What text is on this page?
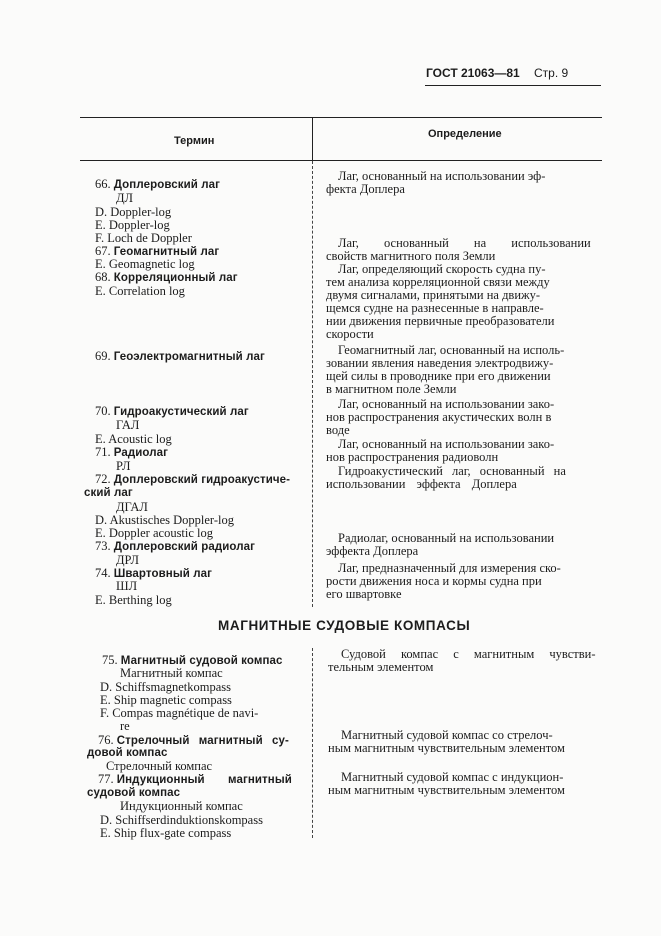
ГОСТ 21063—81 Стр. 9
Термин
Определение
66. Доплеровский лаг
ДЛ
D. Doppler-log
E. Doppler-log
F. Loch de Doppler
67. Геомагнитный лаг
E. Geomagnetic log
68. Корреляционный лаг
E. Correlation log
69. Геоэлектромагнитный лаг
70. Гидроакустический лаг
ГАЛ
E. Acoustic log
71. Радиолаг
РЛ
72. Доплеровский гидроакустиче-
ский лаг
ДГАЛ
D. Akustisches Doppler-log
E. Doppler acoustic log
73. Доплеровский радиолаг
ДРЛ
74. Швартовный лаг
ШЛ
E. Berthing log
Лаг, основанный на использовании эф-
фекта Доплера
Лаг, основанный на использовании
свойств магнитного поля Земли
Лаг, определяющий скорость судна пу-
тем анализа корреляционной связи между
двумя сигналами, принятыми на движу-
щемся судне на разнесенные в направле-
нии движения первичные преобразователи
скорости
Геомагнитный лаг, основанный на исполь-
зовании явления наведения электродвижу-
щей силы в проводнике при его движении
в магнитном поле Земли
Лаг, основанный на использовании зако-
нов распространения акустических волн в
воде
Лаг, основанный на использовании зако-
нов распространения радиоволн
Гидроакустический лаг, основанный на
использовании эффекта Доплера
Радиолаг, основанный на использовании
эффекта Доплера
Лаг, предназначенный для измерения ско-
рости движения носа и кормы судна при
его швартовке
МАГНИТНЫЕ СУДОВЫЕ КОМПАСЫ
75. Магнитный судовой компас
Магнитный компас
D. Schiffsmagnetkompass
E. Ship magnetic compass
F. Compas magnétique de navi-
re
76. Стрелочный магнитный су-
довой компас
Стрелочный компас
77. Индукционный магнитный
судовой компас
Индукционный компас
D. Schiffserdinduktionskompass
E. Ship flux-gate compass
Судовой компас с магнитным чувстви-
тельным элементом
Магнитный судовой компас со стрелоч-
ным магнитным чувствительным элементом
Магнитный судовой компас с индукцион-
ным магнитным чувствительным элементом
